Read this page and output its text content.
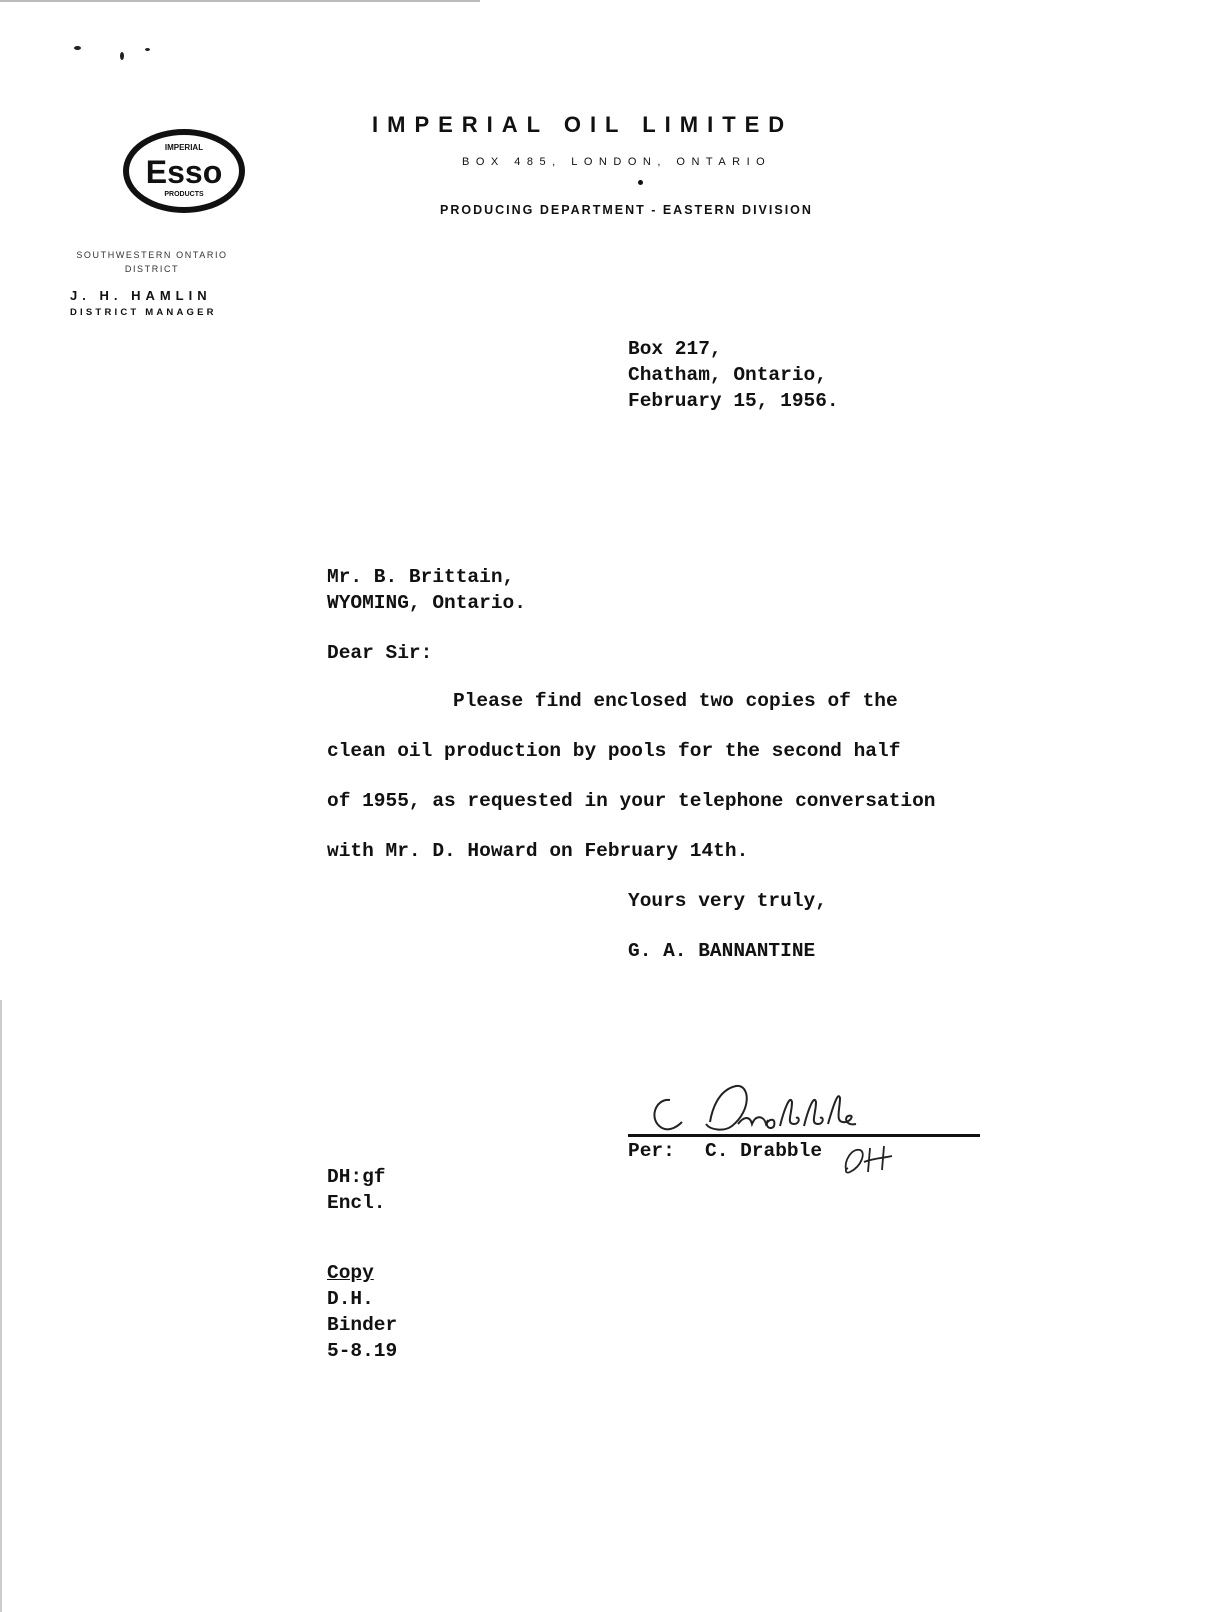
IMPERIAL
Esso
PRODUCTS
SOUTHWESTERN ONTARIO
DISTRICT
J. H. HAMLIN
DISTRICT MANAGER
IMPERIAL OIL LIMITED
BOX 485, LONDON, ONTARIO
PRODUCING DEPARTMENT - EASTERN DIVISION
Box 217,
Chatham, Ontario,
February 15, 1956.
Mr. B. Brittain,
WYOMING, Ontario.
Dear Sir:
Please find enclosed two copies of the
clean oil production by pools for the second half
of 1955, as requested in your telephone conversation
with Mr. D. Howard on February 14th.
Yours very truly,
G. A. BANNANTINE
Per: C. Drabble
DH:gf
Encl.
Copy
D.H.
Binder
5-8.19
